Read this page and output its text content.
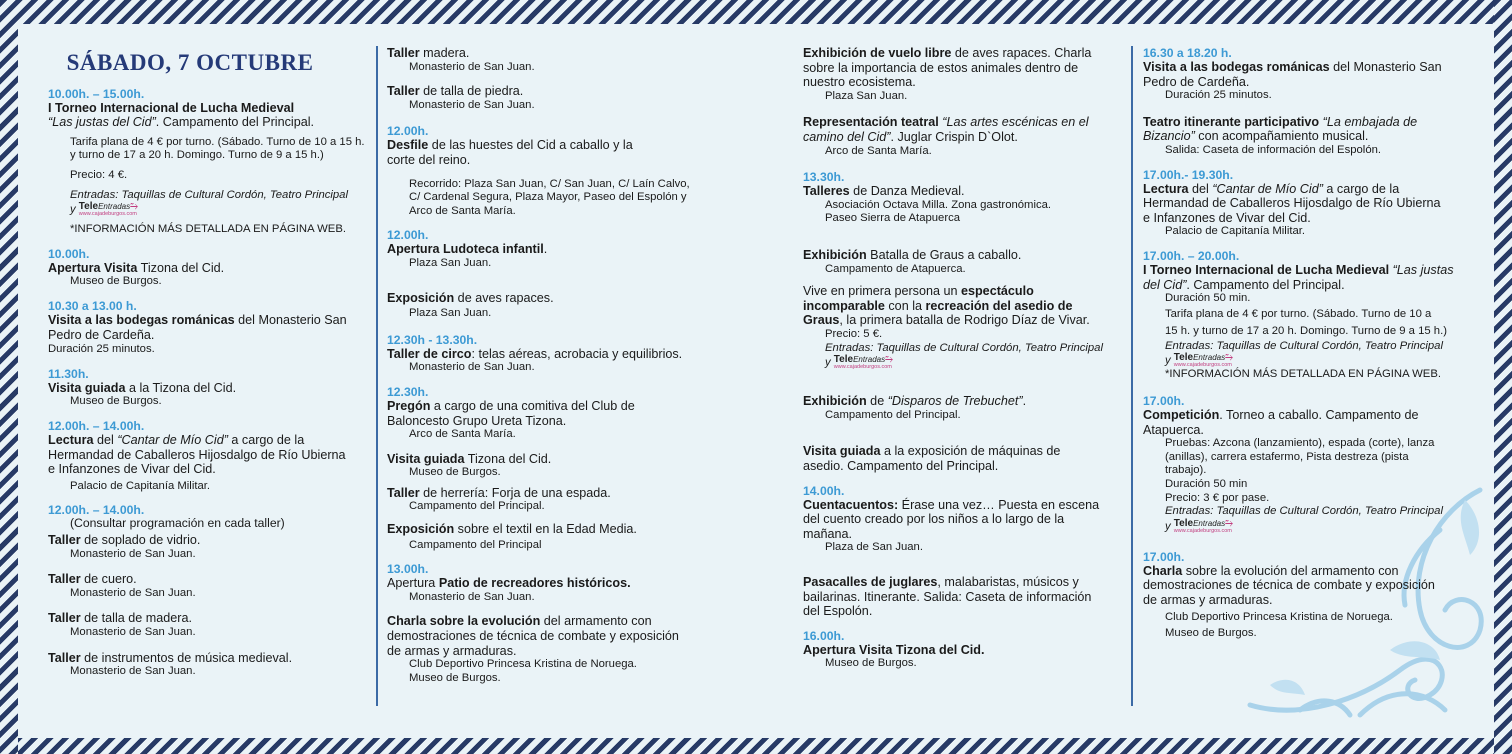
SÁBADO, 7 OCTUBRE
10.00h. – 15.00h.
I Torneo Internacional de Lucha Medieval
“Las justas del Cid”. Campamento del Principal.
Tarifa plana de 4 € por turno. (Sábado. Turno de 10 a 15 h.
y turno de 17 a 20 h. Domingo. Turno de 9 a 15 h.)
Precio: 4 €.
Entradas: Taquillas de Cultural Cordón, Teatro Principal
y TeleEntradas⥲
www.cajadeburgos.com
*INFORMACIÓN MÁS DETALLADA EN PÁGINA WEB.
10.00h.
Apertura Visita Tizona del Cid.
Museo de Burgos.
10.30 a 13.00 h.
Visita a las bodegas románicas del Monasterio San
Pedro de Cardeña.
Duración 25 minutos.
11.30h.
Visita guiada a la Tizona del Cid.
Museo de Burgos.
12.00h. – 14.00h.
Lectura del “Cantar de Mío Cid” a cargo de la
Hermandad de Caballeros Hijosdalgo de Río Ubierna
e Infanzones de Vivar del Cid.
Palacio de Capitanía Militar.
12.00h. – 14.00h.
(Consultar programación en cada taller)
Taller de soplado de vidrio.
Monasterio de San Juan.
Taller de cuero.
Monasterio de San Juan.
Taller de talla de madera.
Monasterio de San Juan.
Taller de instrumentos de música medieval.
Monasterio de San Juan.
Taller madera.
Monasterio de San Juan.
Taller de talla de piedra.
Monasterio de San Juan.
12.00h.
Desfile de las huestes del Cid a caballo y la
corte del reino.
Recorrido: Plaza San Juan, C/ San Juan, C/ Laín Calvo,
C/ Cardenal Segura, Plaza Mayor, Paseo del Espolón y
Arco de Santa María.
12.00h.
Apertura Ludoteca infantil.
Plaza San Juan.
Exposición de aves rapaces.
Plaza San Juan.
12.30h - 13.30h.
Taller de circo: telas aéreas, acrobacia y equilibrios.
Monasterio de San Juan.
12.30h.
Pregón a cargo de una comitiva del Club de
Baloncesto Grupo Ureta Tizona.
Arco de Santa María.
Visita guiada Tizona del Cid.
Museo de Burgos.
Taller de herrería: Forja de una espada.
Campamento del Principal.
Exposición sobre el textil en la Edad Media.
Campamento del Principal
13.00h.
Apertura Patio de recreadores históricos.
Monasterio de San Juan.
Charla sobre la evolución del armamento con
demostraciones de técnica de combate y exposición
de armas y armaduras.
Club Deportivo Princesa Kristina de Noruega.
Museo de Burgos.
Exhibición de vuelo libre de aves rapaces. Charla
sobre la importancia de estos animales dentro de
nuestro ecosistema.
Plaza San Juan.
Representación teatral “Las artes escénicas en el
camino del Cid”. Juglar Crispin D`Olot.
Arco de Santa María.
13.30h.
Talleres de Danza Medieval.
Asociación Octava Milla. Zona gastronómica.
Paseo Sierra de Atapuerca
Exhibición Batalla de Graus a caballo.
Campamento de Atapuerca.
Vive en primera persona un espectáculo
incomparable con la recreación del asedio de
Graus, la primera batalla de Rodrigo Díaz de Vivar.
Precio: 5 €.
Entradas: Taquillas de Cultural Cordón, Teatro Principal
y TeleEntradas⥲
www.cajadeburgos.com
Exhibición de “Disparos de Trebuchet”.
Campamento del Principal.
Visita guiada a la exposición de máquinas de
asedio. Campamento del Principal.
14.00h.
Cuentacuentos: Érase una vez… Puesta en escena
del cuento creado por los niños a lo largo de la
mañana.
Plaza de San Juan.
Pasacalles de juglares, malabaristas, músicos y
bailarinas. Itinerante. Salida: Caseta de información
del Espolón.
16.00h.
Apertura Visita Tizona del Cid.
Museo de Burgos.
16.30 a 18.20 h.
Visita a las bodegas románicas del Monasterio San
Pedro de Cardeña.
Duración 25 minutos.
Teatro itinerante participativo “La embajada de
Bizancio” con acompañamiento musical.
Salida: Caseta de información del Espolón.
17.00h.- 19.30h.
Lectura del “Cantar de Mío Cid” a cargo de la
Hermandad de Caballeros Hijosdalgo de Río Ubierna
e Infanzones de Vivar del Cid.
Palacio de Capitanía Militar.
17.00h. – 20.00h.
I Torneo Internacional de Lucha Medieval “Las justas
del Cid”. Campamento del Principal.
Duración 50 min.
Tarifa plana de 4 € por turno. (Sábado. Turno de 10 a
15 h. y turno de 17 a 20 h. Domingo. Turno de 9 a 15 h.)
Entradas: Taquillas de Cultural Cordón, Teatro Principal
y TeleEntradas⥲
www.cajadeburgos.com
*INFORMACIÓN MÁS DETALLADA EN PÁGINA WEB.
17.00h.
Competición. Torneo a caballo. Campamento de
Atapuerca.
Pruebas: Azcona (lanzamiento), espada (corte), lanza
(anillas), carrera estafermo, Pista destreza (pista
trabajo).
Duración 50 min
Precio: 3 € por pase.
Entradas: Taquillas de Cultural Cordón, Teatro Principal
y TeleEntradas⥲
www.cajadeburgos.com
17.00h.
Charla sobre la evolución del armamento con
demostraciones de técnica de combate y exposición
de armas y armaduras.
Club Deportivo Princesa Kristina de Noruega.
Museo de Burgos.
